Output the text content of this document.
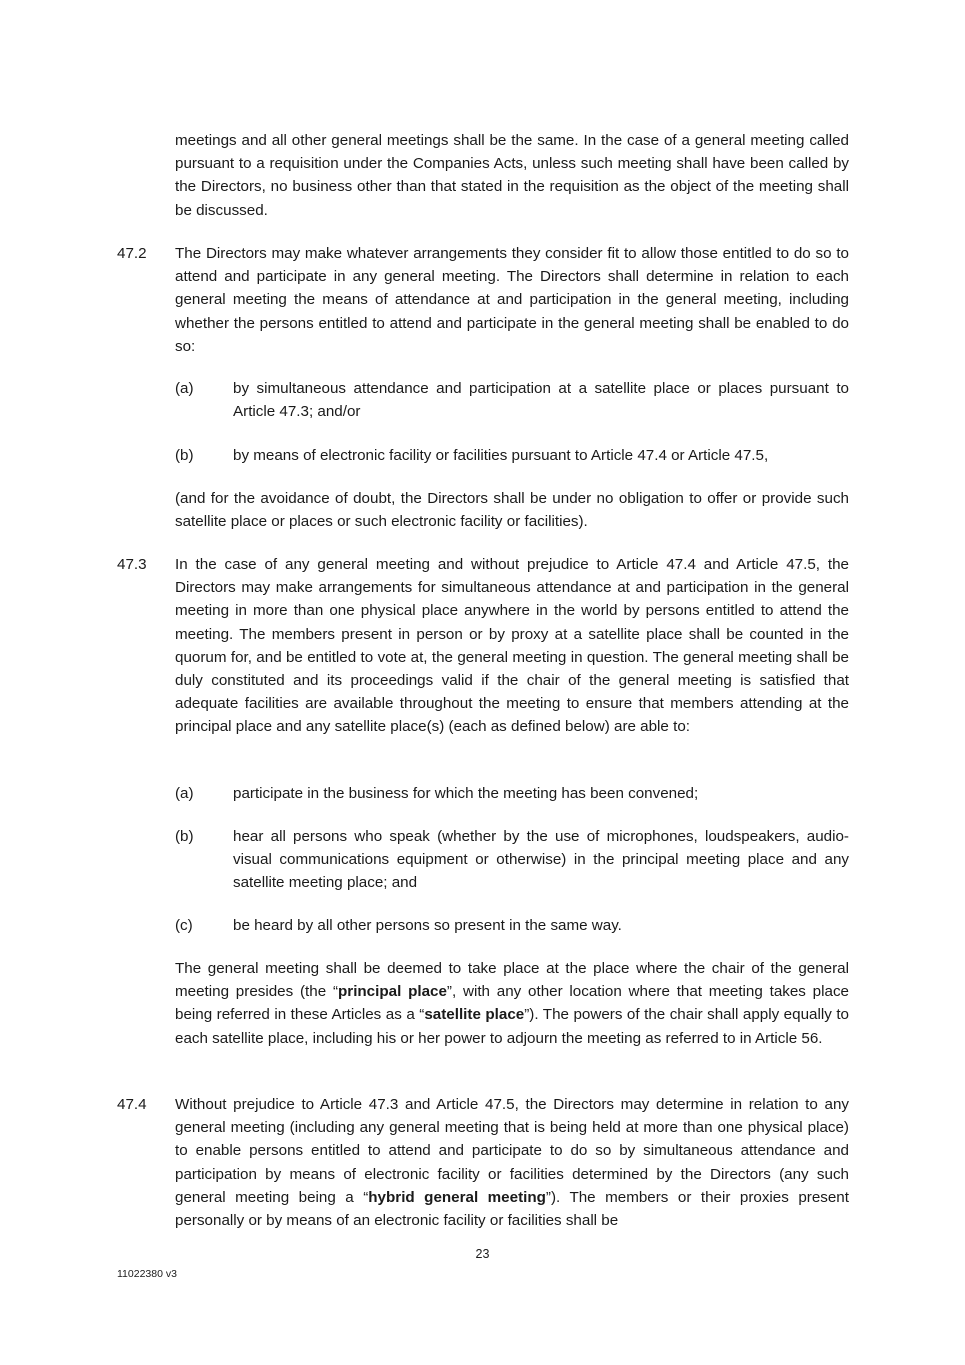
meetings and all other general meetings shall be the same. In the case of a general meeting called pursuant to a requisition under the Companies Acts, unless such meeting shall have been called by the Directors, no business other than that stated in the requisition as the object of the meeting shall be discussed.

47.2 The Directors may make whatever arrangements they consider fit to allow those entitled to do so to attend and participate in any general meeting. The Directors shall determine in relation to each general meeting the means of attendance at and participation in the general meeting, including whether the persons entitled to attend and participate in the general meeting shall be enabled to do so:

(a)	by simultaneous attendance and participation at a satellite place or places pursuant to Article 47.3; and/or

(b)	by means of electronic facility or facilities pursuant to Article 47.4 or Article 47.5,

(and for the avoidance of doubt, the Directors shall be under no obligation to offer or provide such satellite place or places or such electronic facility or facilities).

47.3 In the case of any general meeting and without prejudice to Article 47.4 and Article 47.5, the Directors may make arrangements for simultaneous attendance at and participation in the general meeting in more than one physical place anywhere in the world by persons entitled to attend the meeting. The members present in person or by proxy at a satellite place shall be counted in the quorum for, and be entitled to vote at, the general meeting in question. The general meeting shall be duly constituted and its proceedings valid if the chair of the general meeting is satisfied that adequate facilities are available throughout the meeting to ensure that members attending at the principal place and any satellite place(s) (each as defined below) are able to:

(a)	participate in the business for which the meeting has been convened;

(b)	hear all persons who speak (whether by the use of microphones, loudspeakers, audio-visual communications equipment or otherwise) in the principal meeting place and any satellite meeting place; and

(c)	be heard by all other persons so present in the same way.

The general meeting shall be deemed to take place at the place where the chair of the general meeting presides (the “principal place”, with any other location where that meeting takes place being referred in these Articles as a “satellite place”). The powers of the chair shall apply equally to each satellite place, including his or her power to adjourn the meeting as referred to in Article 56.

47.4 Without prejudice to Article 47.3 and Article 47.5, the Directors may determine in relation to any general meeting (including any general meeting that is being held at more than one physical place) to enable persons entitled to attend and participate to do so by simultaneous attendance and participation by means of electronic facility or facilities determined by the Directors (any such general meeting being a “hybrid general meeting”). The members or their proxies present personally or by means of an electronic facility or facilities shall be

23
11022380 v3
